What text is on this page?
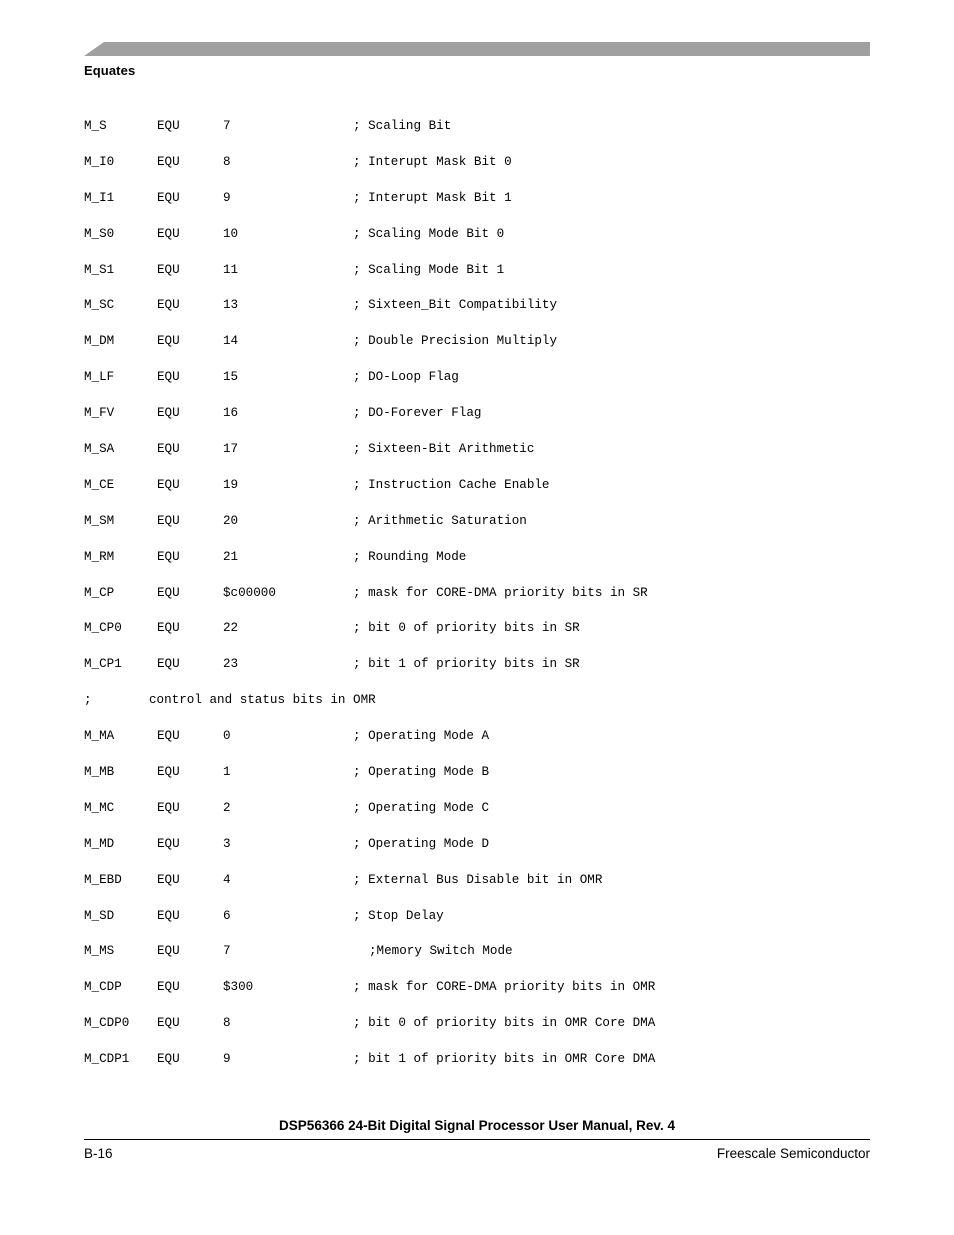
Equates
M_S	EQU	7	; Scaling Bit
M_I0	EQU	8	; Interupt Mask Bit 0
M_I1	EQU	9	; Interupt Mask Bit 1
M_S0	EQU	10	; Scaling Mode Bit 0
M_S1	EQU	11	; Scaling Mode Bit 1
M_SC	EQU	13	; Sixteen_Bit Compatibility
M_DM	EQU	14	; Double Precision Multiply
M_LF	EQU	15	; DO-Loop Flag
M_FV	EQU	16	; DO-Forever Flag
M_SA	EQU	17	; Sixteen-Bit Arithmetic
M_CE	EQU	19	; Instruction Cache Enable
M_SM	EQU	20	; Arithmetic Saturation
M_RM	EQU	21	; Rounding Mode
M_CP	EQU	$c00000	; mask for CORE-DMA priority bits in SR
M_CP0	EQU	22	; bit 0 of priority bits in SR
M_CP1	EQU	23	; bit 1 of priority bits in SR
;	control and status bits in OMR
M_MA	EQU	0	; Operating Mode A
M_MB	EQU	1	; Operating Mode B
M_MC	EQU	2	; Operating Mode C
M_MD	EQU	3	; Operating Mode D
M_EBD	EQU	4	; External Bus Disable bit in OMR
M_SD	EQU	6	; Stop Delay
M_MS	EQU	7	;Memory Switch Mode
M_CDP	EQU	$300	; mask for CORE-DMA priority bits in OMR
M_CDP0 EQU	8	; bit 0 of priority bits in OMR Core DMA
M_CDP1 EQU	9	; bit 1 of priority bits in OMR Core DMA
DSP56366 24-Bit Digital Signal Processor User Manual, Rev. 4
B-16	Freescale Semiconductor
